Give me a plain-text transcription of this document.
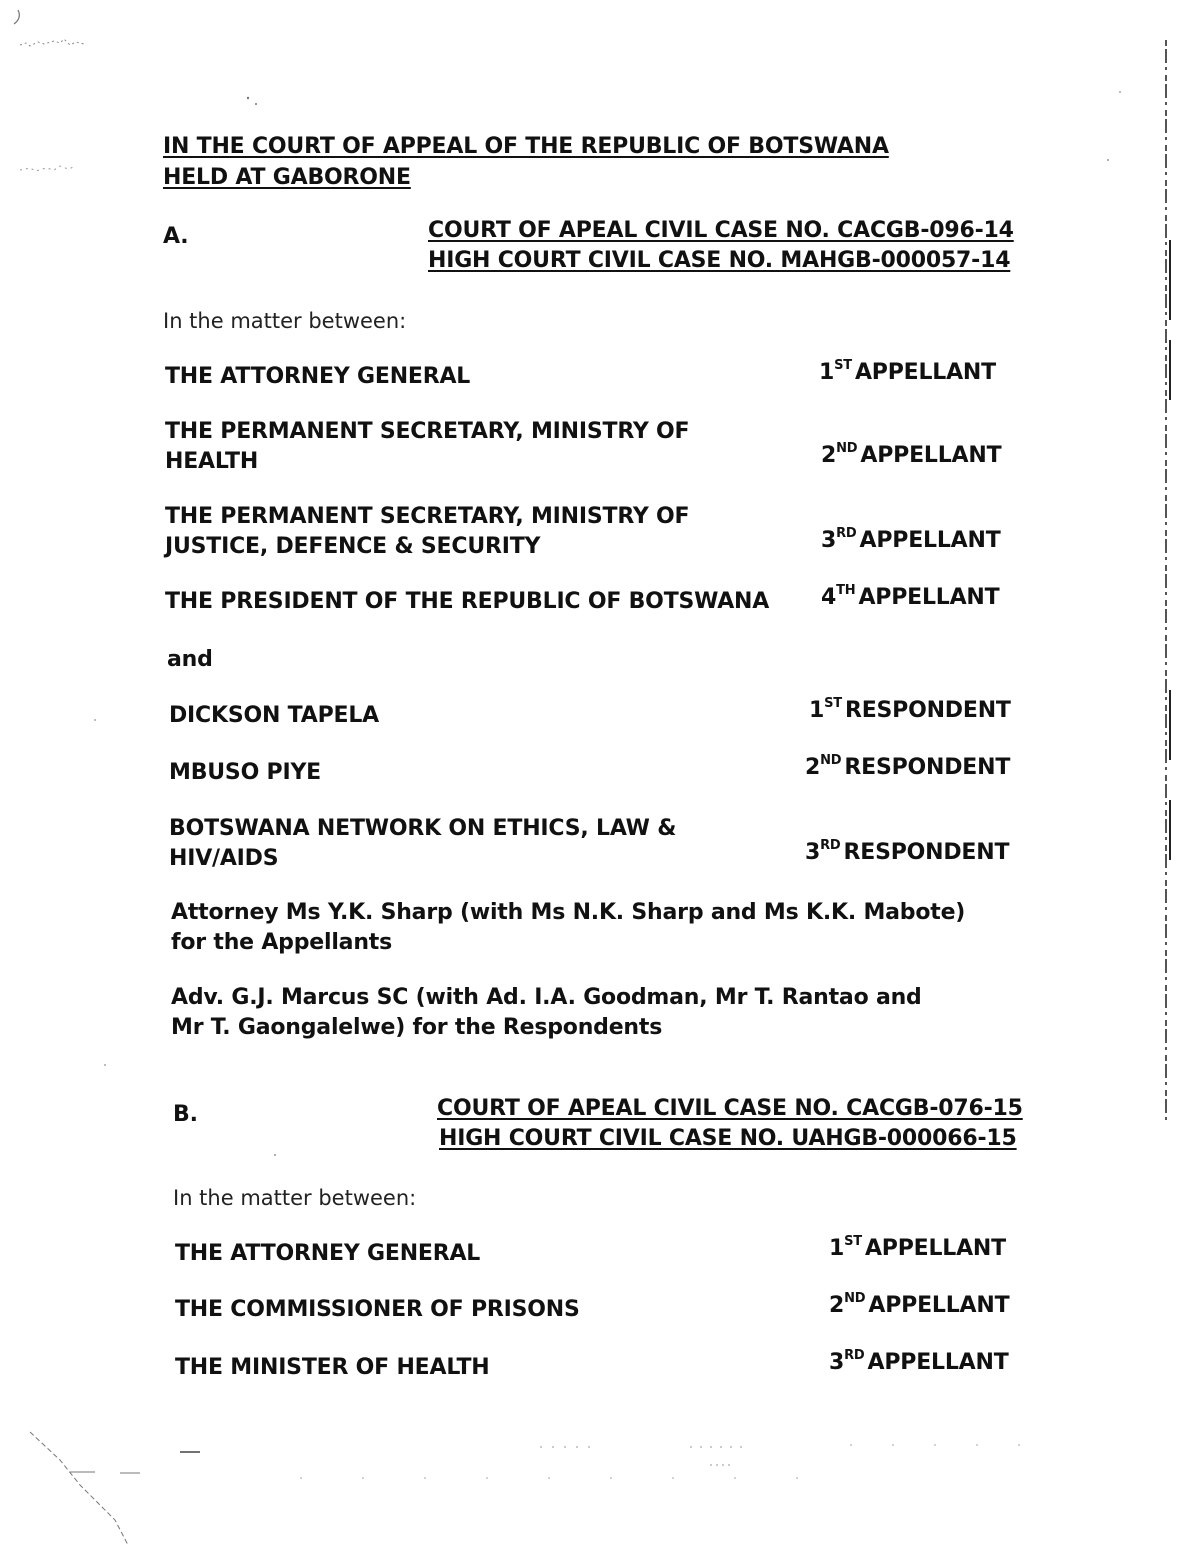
IN THE COURT OF APPEAL OF THE REPUBLIC OF BOTSWANA
HELD AT GABORONE
A.	COURT OF APEAL CIVIL CASE NO. CACGB-096-14
HIGH COURT CIVIL CASE NO. MAHGB-000057-14
In the matter between:
THE ATTORNEY GENERAL	1ST APPELLANT
THE PERMANENT SECRETARY, MINISTRY OF
HEALTH	2ND APPELLANT
THE PERMANENT SECRETARY, MINISTRY OF
JUSTICE, DEFENCE & SECURITY	3RD APPELLANT
THE PRESIDENT OF THE REPUBLIC OF BOTSWANA 4TH APPELLANT
and
DICKSON TAPELA	1ST RESPONDENT
MBUSO PIYE	2ND RESPONDENT
BOTSWANA NETWORK ON ETHICS, LAW &
HIV/AIDS	3RD RESPONDENT
Attorney Ms Y.K. Sharp (with Ms N.K. Sharp and Ms K.K. Mabote)
for the Appellants
Adv. G.J. Marcus SC (with Ad. I.A. Goodman, Mr T. Rantao and
Mr T. Gaongalelwe) for the Respondents
B.	COURT OF APEAL CIVIL CASE NO. CACGB-076-15
HIGH COURT CIVIL CASE NO. UAHGB-000066-15
In the matter between:
THE ATTORNEY GENERAL	1ST APPELLANT
THE COMMISSIONER OF PRISONS	2ND APPELLANT
THE MINISTER OF HEALTH	3RD APPELLANT
